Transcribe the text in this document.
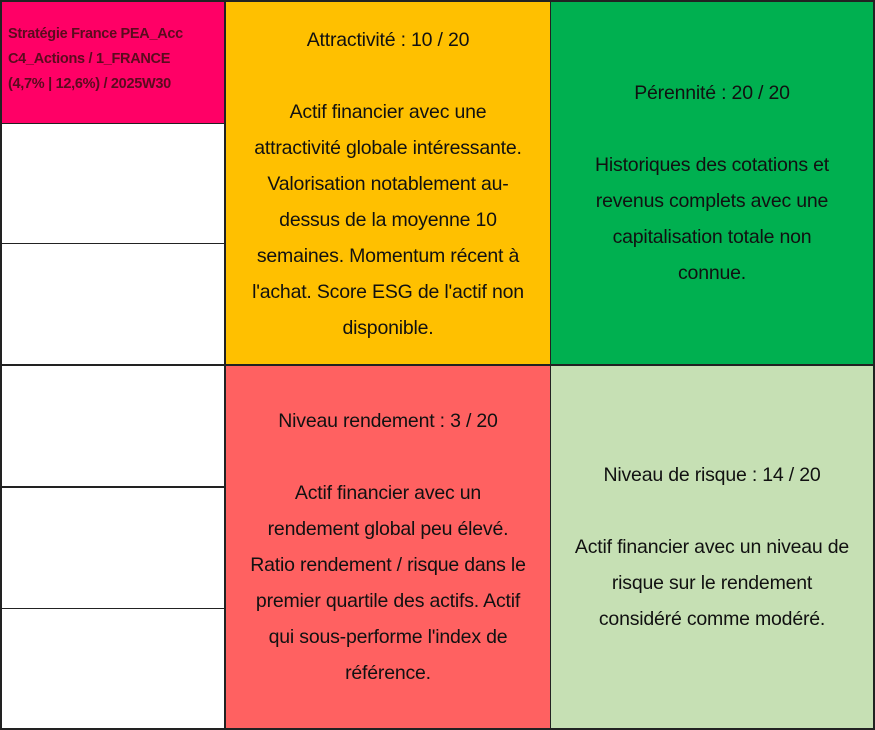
Stratégie France PEA_Acc
C4_Actions / 1_FRANCE
(4,7% | 12,6%) / 2025W30
Attractivité : 10 / 20
Actif financier avec une
attractivité globale intéressante.
Valorisation notablement au-
dessus de la moyenne 10
semaines. Momentum récent à
l'achat. Score ESG de l'actif non
disponible.
Pérennité : 20 / 20
Historiques des cotations et
revenus complets avec une
capitalisation totale non
connue.
Niveau rendement : 3 / 20
Actif financier avec un
rendement global peu élevé.
Ratio rendement / risque dans le
premier quartile des actifs. Actif
qui sous-performe l'index de
référence.
Niveau de risque : 14 / 20
Actif financier avec un niveau de
risque sur le rendement
considéré comme modéré.
